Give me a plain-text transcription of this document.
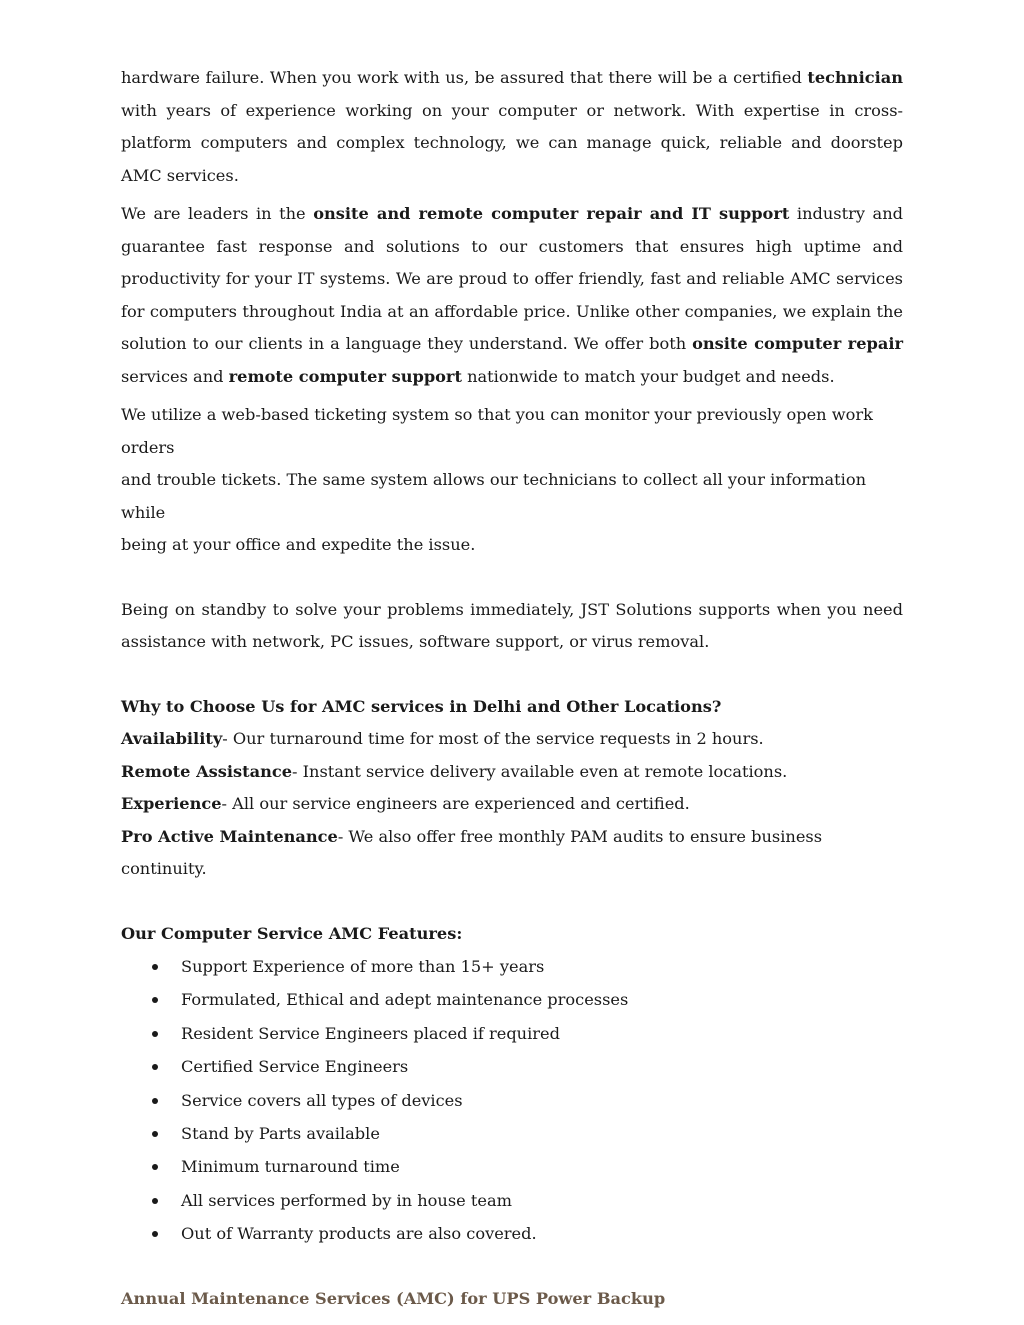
hardware failure. When you work with us, be assured that there will be a certified technician with years of experience working on your computer or network. With expertise in cross-platform computers and complex technology, we can manage quick, reliable and doorstep AMC services.

We are leaders in the onsite and remote computer repair and IT support industry and guarantee fast response and solutions to our customers that ensures high uptime and productivity for your IT systems. We are proud to offer friendly, fast and reliable AMC services for computers throughout India at an affordable price. Unlike other companies, we explain the solution to our clients in a language they understand. We offer both onsite computer repair services and remote computer support nationwide to match your budget and needs.

We utilize a web-based ticketing system so that you can monitor your previously open work orders
and trouble tickets. The same system allows our technicians to collect all your information while
being at your office and expedite the issue.

Being on standby to solve your problems immediately, JST Solutions supports when you need assistance with network, PC issues, software support, or virus removal.

Why to Choose Us for AMC services in Delhi and Other Locations?

Availability- Our turnaround time for most of the service requests in 2 hours.

Remote Assistance- Instant service delivery available even at remote locations.

Experience- All our service engineers are experienced and certified.

Pro Active Maintenance- We also offer free monthly PAM audits to ensure business continuity.

Our Computer Service AMC Features:

Support Experience of more than 15+ years
Formulated, Ethical and adept maintenance processes
Resident Service Engineers placed if required
Certified Service Engineers
Service covers all types of devices
Stand by Parts available
Minimum turnaround time
All services performed by in house team
Out of Warranty products are also covered.

Annual Maintenance Services (AMC) for UPS Power Backup
